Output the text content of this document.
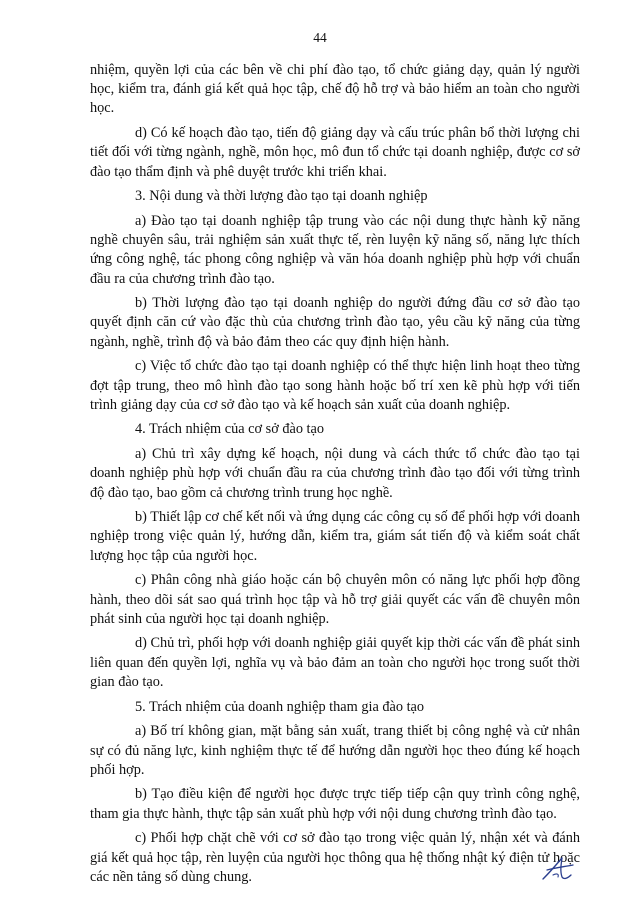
44

nhiệm, quyền lợi của các bên về chi phí đào tạo, tổ chức giảng dạy, quản lý người học, kiểm tra, đánh giá kết quả học tập, chế độ hỗ trợ và bảo hiểm an toàn cho người học.

d) Có kế hoạch đào tạo, tiến độ giảng dạy và cấu trúc phân bổ thời lượng chi tiết đối với từng ngành, nghề, môn học, mô đun tổ chức tại doanh nghiệp, được cơ sở đào tạo thẩm định và phê duyệt trước khi triển khai.

3. Nội dung và thời lượng đào tạo tại doanh nghiệp

a) Đào tạo tại doanh nghiệp tập trung vào các nội dung thực hành kỹ năng nghề chuyên sâu, trải nghiệm sản xuất thực tế, rèn luyện kỹ năng số, năng lực thích ứng công nghệ, tác phong công nghiệp và văn hóa doanh nghiệp phù hợp với chuẩn đầu ra của chương trình đào tạo.

b) Thời lượng đào tạo tại doanh nghiệp do người đứng đầu cơ sở đào tạo quyết định căn cứ vào đặc thù của chương trình đào tạo, yêu cầu kỹ năng của từng ngành, nghề, trình độ và bảo đảm theo các quy định hiện hành.

c) Việc tổ chức đào tạo tại doanh nghiệp có thể thực hiện linh hoạt theo từng đợt tập trung, theo mô hình đào tạo song hành hoặc bố trí xen kẽ phù hợp với tiến trình giảng dạy của cơ sở đào tạo và kế hoạch sản xuất của doanh nghiệp.

4. Trách nhiệm của cơ sở đào tạo

a) Chủ trì xây dựng kế hoạch, nội dung và cách thức tổ chức đào tạo tại doanh nghiệp phù hợp với chuẩn đầu ra của chương trình đào tạo đối với từng trình độ đào tạo, bao gồm cả chương trình trung học nghề.

b) Thiết lập cơ chế kết nối và ứng dụng các công cụ số để phối hợp với doanh nghiệp trong việc quản lý, hướng dẫn, kiểm tra, giám sát tiến độ và kiểm soát chất lượng học tập của người học.

c) Phân công nhà giáo hoặc cán bộ chuyên môn có năng lực phối hợp đồng hành, theo dõi sát sao quá trình học tập và hỗ trợ giải quyết các vấn đề chuyên môn phát sinh của người học tại doanh nghiệp.

d) Chủ trì, phối hợp với doanh nghiệp giải quyết kịp thời các vấn đề phát sinh liên quan đến quyền lợi, nghĩa vụ và bảo đảm an toàn cho người học trong suốt thời gian đào tạo.

5. Trách nhiệm của doanh nghiệp tham gia đào tạo

a) Bố trí không gian, mặt bằng sản xuất, trang thiết bị công nghệ và cử nhân sự có đủ năng lực, kinh nghiệm thực tế để hướng dẫn người học theo đúng kế hoạch phối hợp.

b) Tạo điều kiện để người học được trực tiếp tiếp cận quy trình công nghệ, tham gia thực hành, thực tập sản xuất phù hợp với nội dung chương trình đào tạo.

c) Phối hợp chặt chẽ với cơ sở đào tạo trong việc quản lý, nhận xét và đánh giá kết quả học tập, rèn luyện của người học thông qua hệ thống nhật ký điện tử hoặc các nền tảng số dùng chung.
